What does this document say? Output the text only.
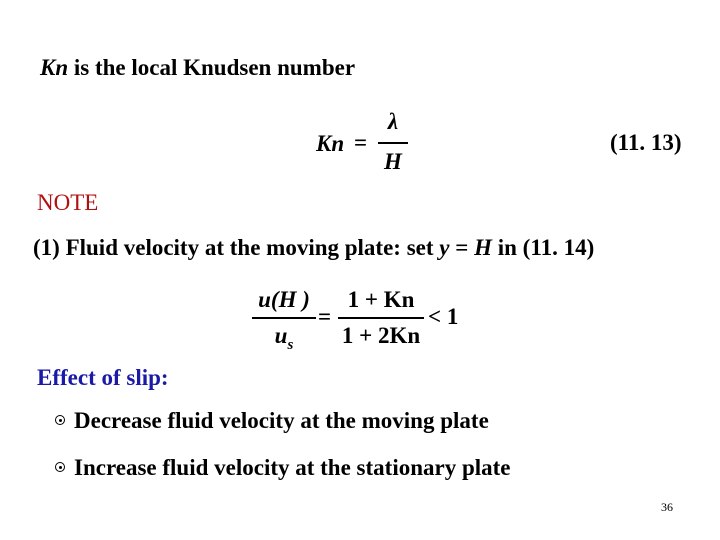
Kn is the local Knudsen number
Kn =
λ
H
(11. 13)
NOTE
(1) Fluid velocity at the moving plate: set y = H in (11. 14)
u(H )
$u_s$
=
1 + Kn
1 + 2Kn
< 1
Effect of slip:
Decrease fluid velocity at the moving plate
Increase fluid velocity at the stationary plate
36
